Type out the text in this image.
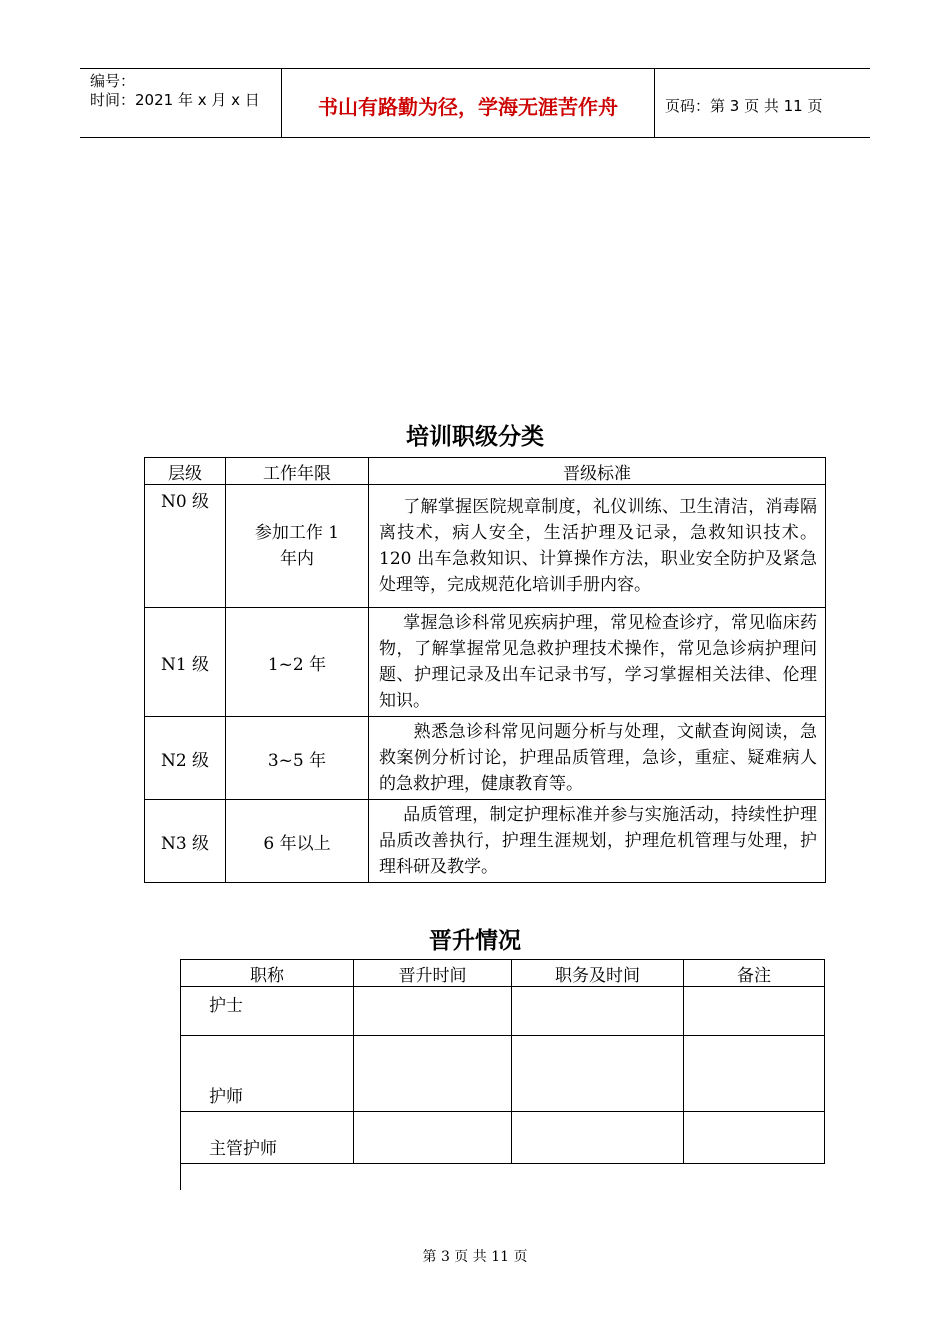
编号：
时间：2021 年 x 月 x 日	书山有路勤为径，学海无涯苦作舟	页码：第 3 页 共 11 页
培训职级分类
层级	工作年限	晋级标准
N0 级	参加工作 1 年内	了解掌握医院规章制度，礼仪训练、卫生清洁，消毒隔离技术，病人安全，生活护理及记录，急救知识技术。120 出车急救知识、计算操作方法，职业安全防护及紧急处理等，完成规范化培训手册内容。
N1 级	1~2 年	掌握急诊科常见疾病护理，常见检查诊疗，常见临床药物，了解掌握常见急救护理技术操作，常见急诊病护理问题、护理记录及出车记录书写，学习掌握相关法律、伦理知识。
N2 级	3~5 年	熟悉急诊科常见问题分析与处理，文献查询阅读，急救案例分析讨论，护理品质管理，急诊，重症、疑难病人的急救护理，健康教育等。
N3 级	6 年以上	品质管理，制定护理标准并参与实施活动，持续性护理品质改善执行，护理生涯规划，护理危机管理与处理，护理科研及教学。
晋升情况
职称	晋升时间	职务及时间	备注
护士			
护师			
主管护师			
第 3 页 共 11 页
